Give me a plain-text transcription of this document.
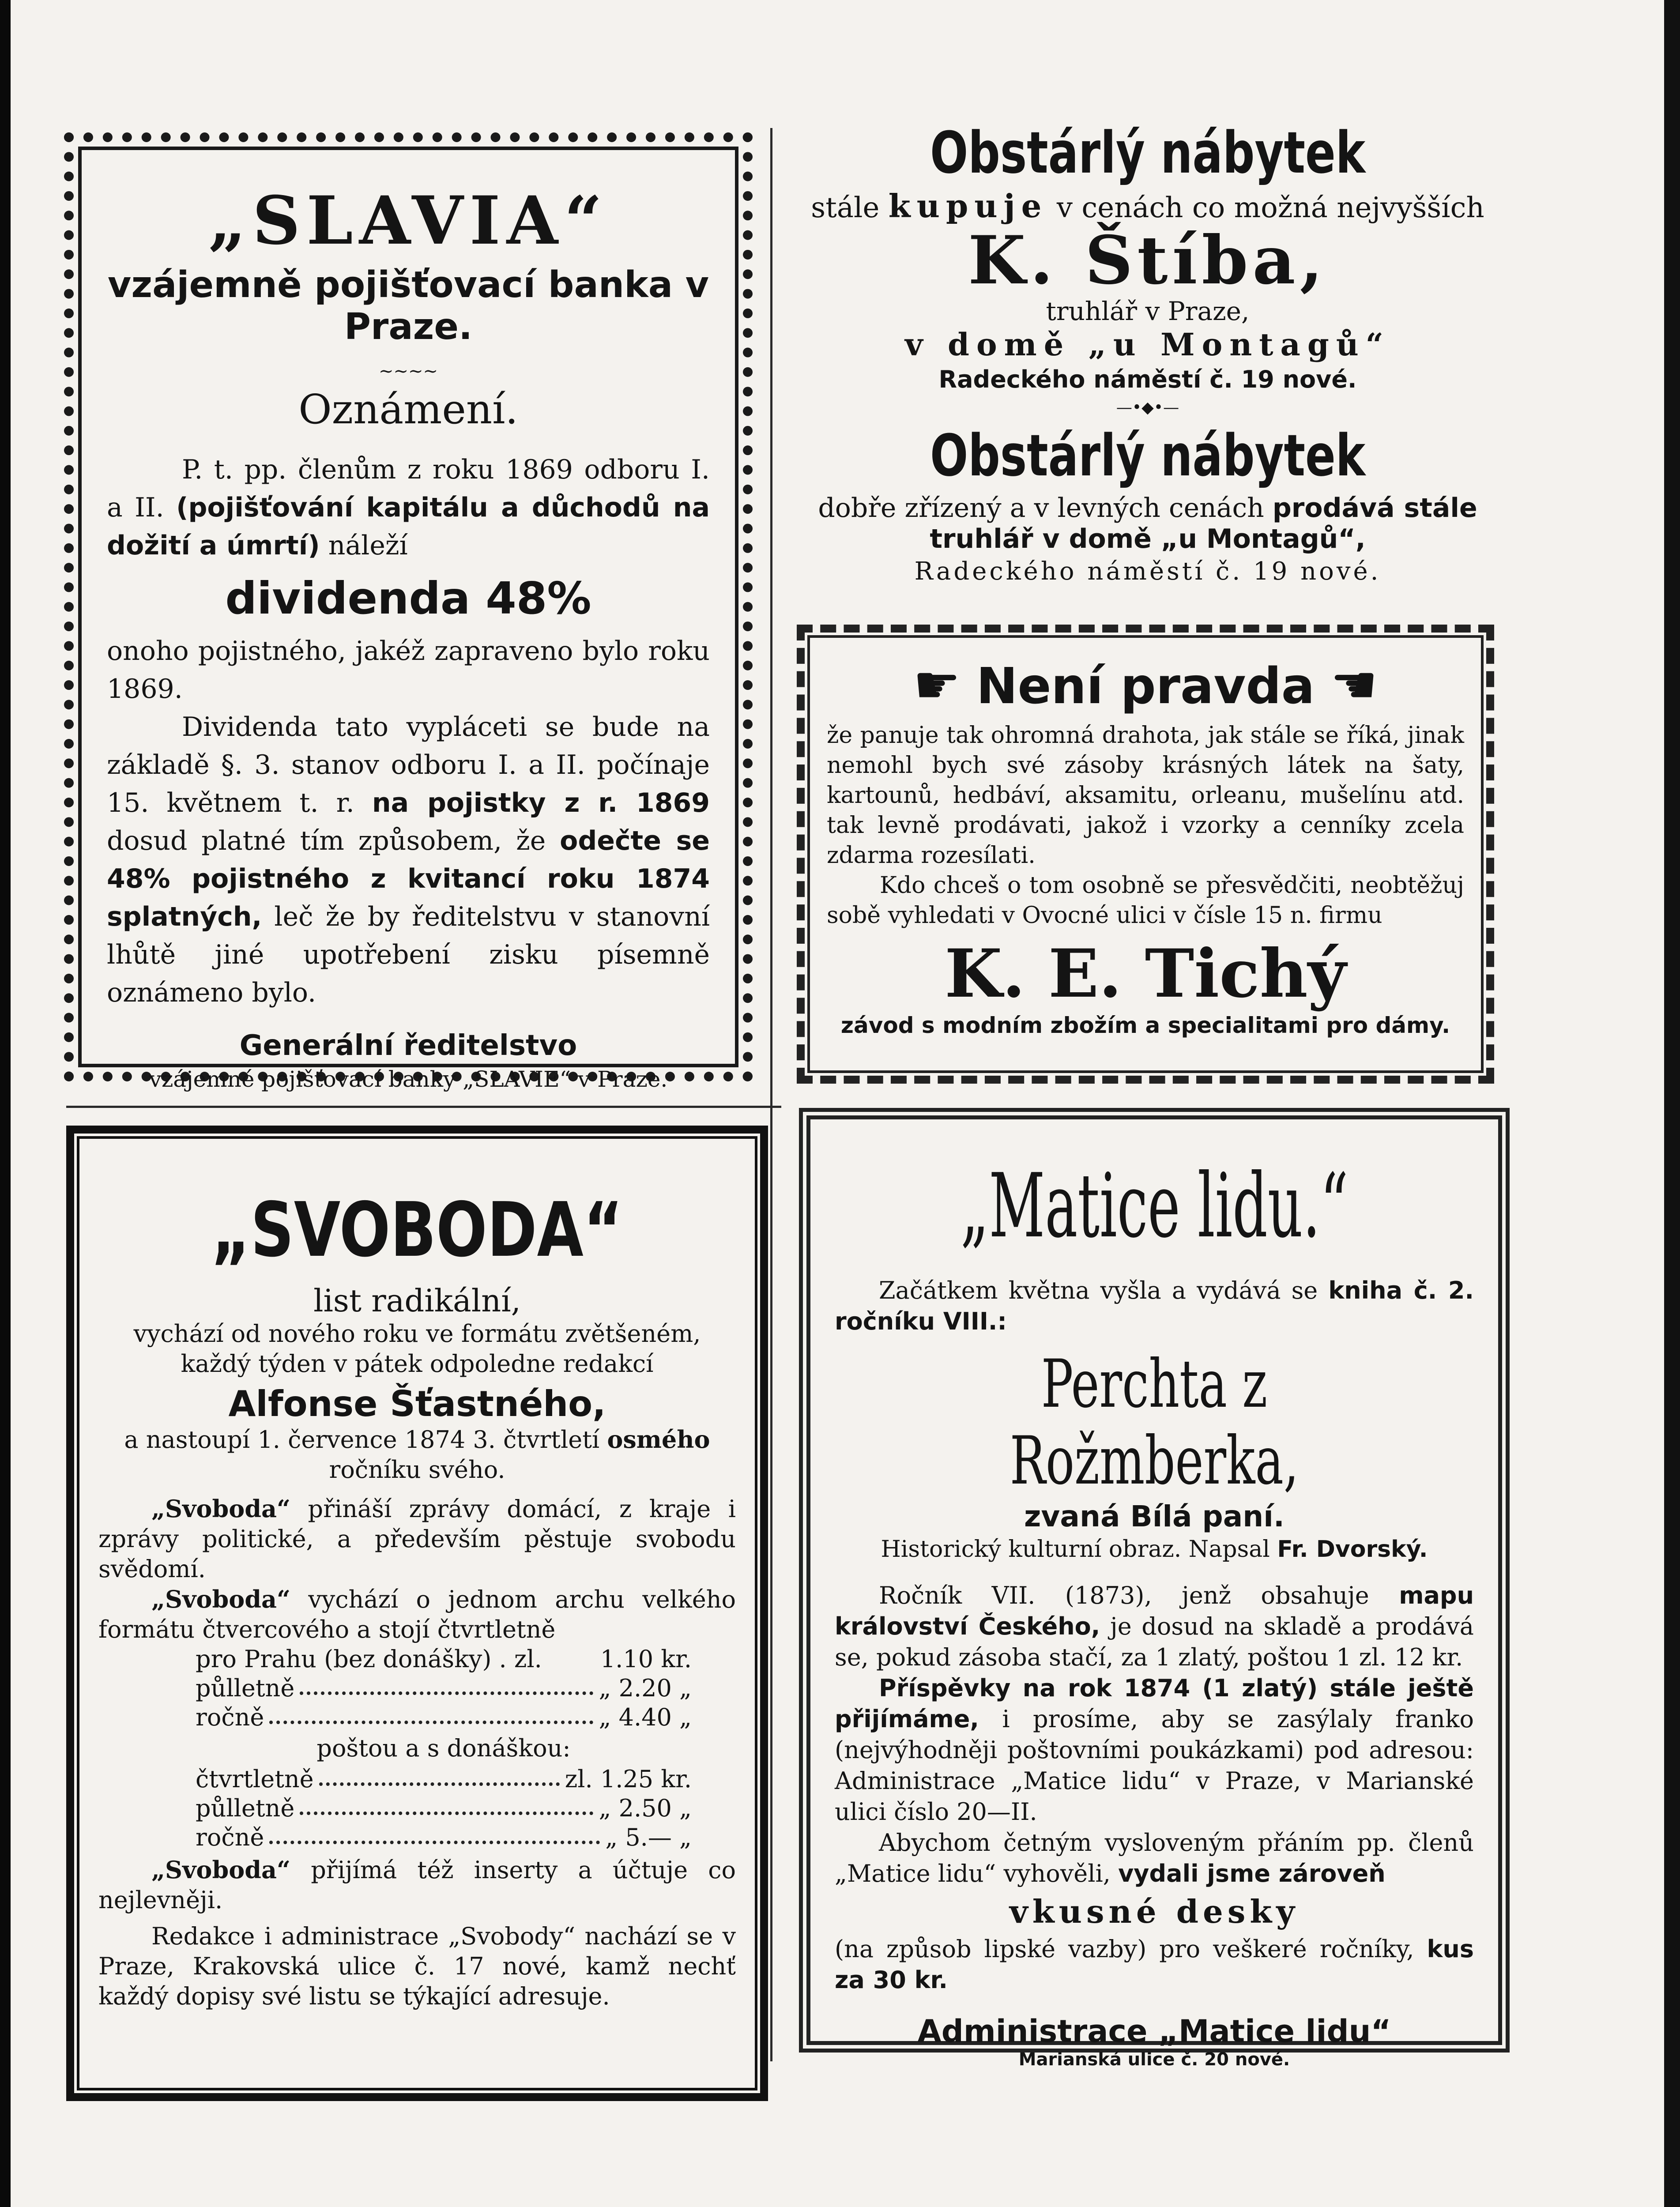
„SLAVIA“
vzájemně pojišťovací banka v Praze.
~~~~
Oznámení.

P. t. pp. členům z roku 1869 odboru I. a II. (pojišťování kapitálu a důchodů na dožití a úmrtí) náleží

dividenda 48%

onoho pojistného, jakéž zapraveno bylo roku 1869.

Dividenda tato vypláceti se bude na základě §. 3. stanov odboru I. a II. počínaje 15. květnem t. r. na pojistky z r. 1869 dosud platné tím způsobem, že odečte se 48% pojistného z kvitancí roku 1874 splatných, leč že by ředitelstvu v stanovní lhůtě jiné upotřebení zisku písemně oznámeno bylo.

Generální ředitelstvo
vzájemné pojišťovací banky „SLAVIE“ v Praze.
Obstárlý nábytek
stále kupuje v cenách co možná nejvyšších
K. Štíba,
truhlář v Praze,
v domě „u Montagů“
Radeckého náměstí č. 19 nové.
—•◆•—
Obstárlý nábytek
dobře zřízený a v levných cenách prodává stále truhlář v domě „u Montagů“,
Radeckého náměstí č. 19 nové.
☛ Není pravda ☚

že panuje tak ohromná drahota, jak stále se říká, jinak nemohl bych své zásoby krásných látek na šaty, kartounů, hedbáví, aksamitu, orleanu, mušelínu atd. tak levně prodávati, jakož i vzorky a cenníky zcela zdarma rozesílati.

Kdo chceš o tom osobně se přesvědčiti, neobtěžuj sobě vyhledati v Ovocné ulici v čísle 15 n. firmu

K. E. Tichý
závod s modním zbožím a specialitami pro dámy.
„SVOBODA“
list radikální,
vychází od nového roku ve formátu zvětšeném, každý týden v pátek odpoledne redakcí
Alfonse Šťastného,
a nastoupí 1. července 1874 3. čtvrtletí osmého ročníku svého.

„Svoboda“ přináší zprávy domácí, z kraje i zprávy politické, a především pěstuje svobodu svědomí.

„Svoboda“ vychází o jednom archu velkého formátu čtvercového a stojí čtvrtletně

pro Prahu (bez donášky) . zl. 1.10 kr.
půlletně	„ 2.20 „
ročně	„ 4.40 „
poštou a s donáškou:
čtvrtletně	zl. 1.25 kr.
půlletně	„ 2.50 „
ročně	„ 5.— „

„Svoboda“ přijímá též inserty a účtuje co nejlevněji.

Redakce i administrace „Svobody“ nachází se v Praze, Krakovská ulice č. 17 nové, kamž nechť každý dopisy své listu se týkající adresuje.

„Matice lidu.“

Začátkem května vyšla a vydává se kniha č. 2. ročníku VIII.:

Perchta z Rožmberka,
zvaná Bílá paní.
Historický kulturní obraz. Napsal Fr. Dvorský.

Ročník VII. (1873), jenž obsahuje mapu království Českého, je dosud na skladě a prodává se, pokud zásoba stačí, za 1 zlatý, poštou 1 zl. 12 kr.

Příspěvky na rok 1874 (1 zlatý) stále ještě přijímáme, i prosíme, aby se zasýlaly franko (nejvýhodněji poštovními poukázkami) pod adresou: Administrace „Matice lidu“ v Praze, v Marianské ulici číslo 20—II.

Abychom četným vysloveným přáním pp. členů „Matice lidu“ vyhověli, vydali jsme zároveň

vkusné desky

(na způsob lipské vazby) pro veškeré ročníky, kus za 30 kr.

Administrace „Matice lidu“
Marianská ulice č. 20 nové.
